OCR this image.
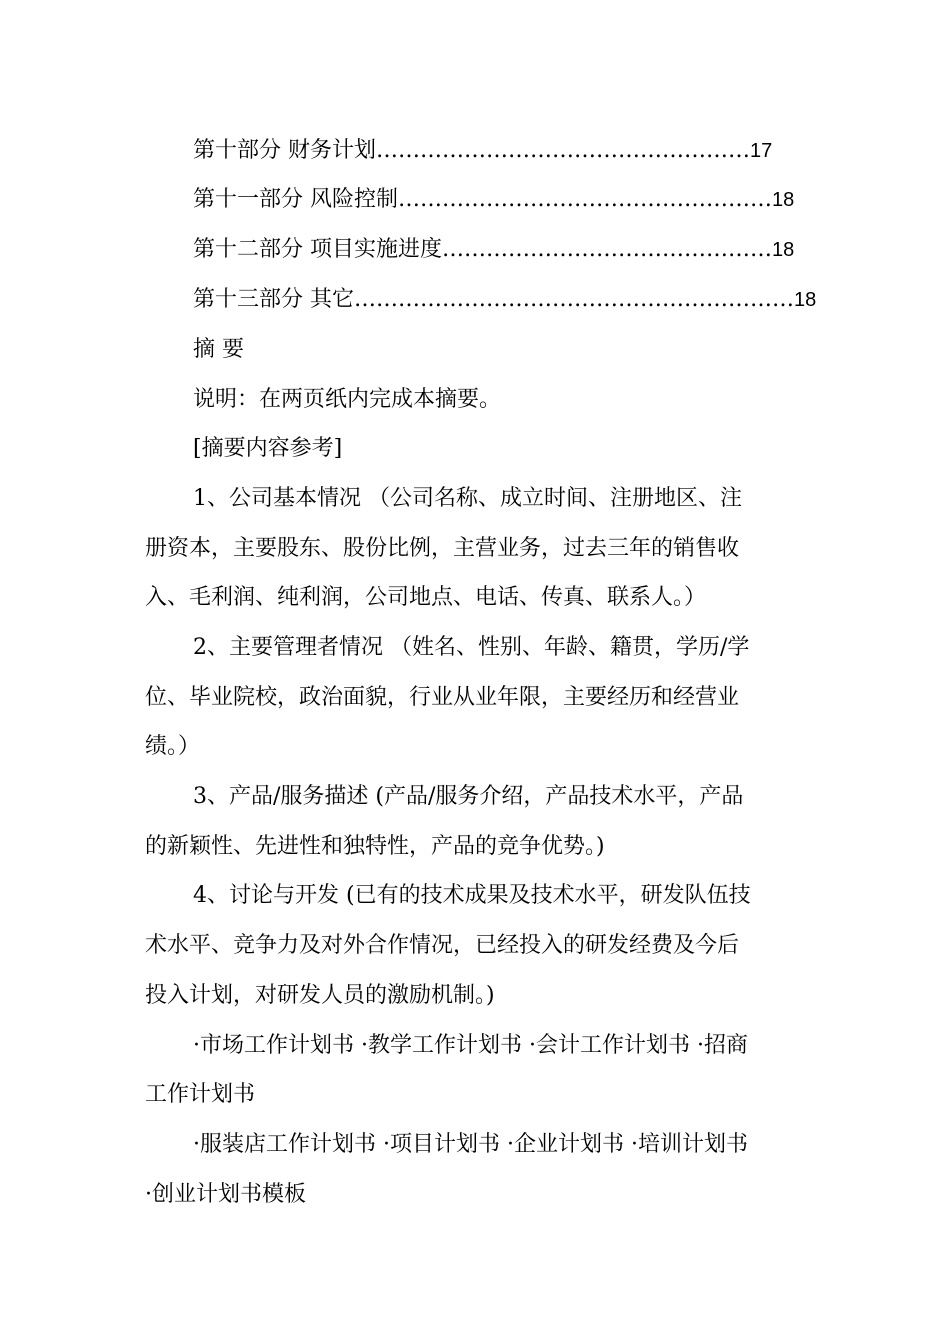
第十部分 财务计划……………………………………………17
第十一部分 风险控制……………………………………………18
第十二部分 项目实施进度………………………………………18
第十三部分 其它……………………………………………………18
摘 要
说明：在两页纸内完成本摘要。
[摘要内容参考]
1、公司基本情况 （公司名称、成立时间、注册地区、注
册资本，主要股东、股份比例，主营业务，过去三年的销售收
入、毛利润、纯利润，公司地点、电话、传真、联系人。）
2、主要管理者情况 （姓名、性别、年龄、籍贯，学历/学
位、毕业院校，政治面貌，行业从业年限，主要经历和经营业
绩。）
3、产品/服务描述 (产品/服务介绍，产品技术水平，产品
的新颖性、先进性和独特性，产品的竞争优势。)
4、讨论与开发 (已有的技术成果及技术水平，研发队伍技
术水平、竞争力及对外合作情况，已经投入的研发经费及今后
投入计划，对研发人员的激励机制。)
·市场工作计划书 ·教学工作计划书 ·会计工作计划书 ·招商
工作计划书
·服装店工作计划书 ·项目计划书 ·企业计划书 ·培训计划书
·创业计划书模板
